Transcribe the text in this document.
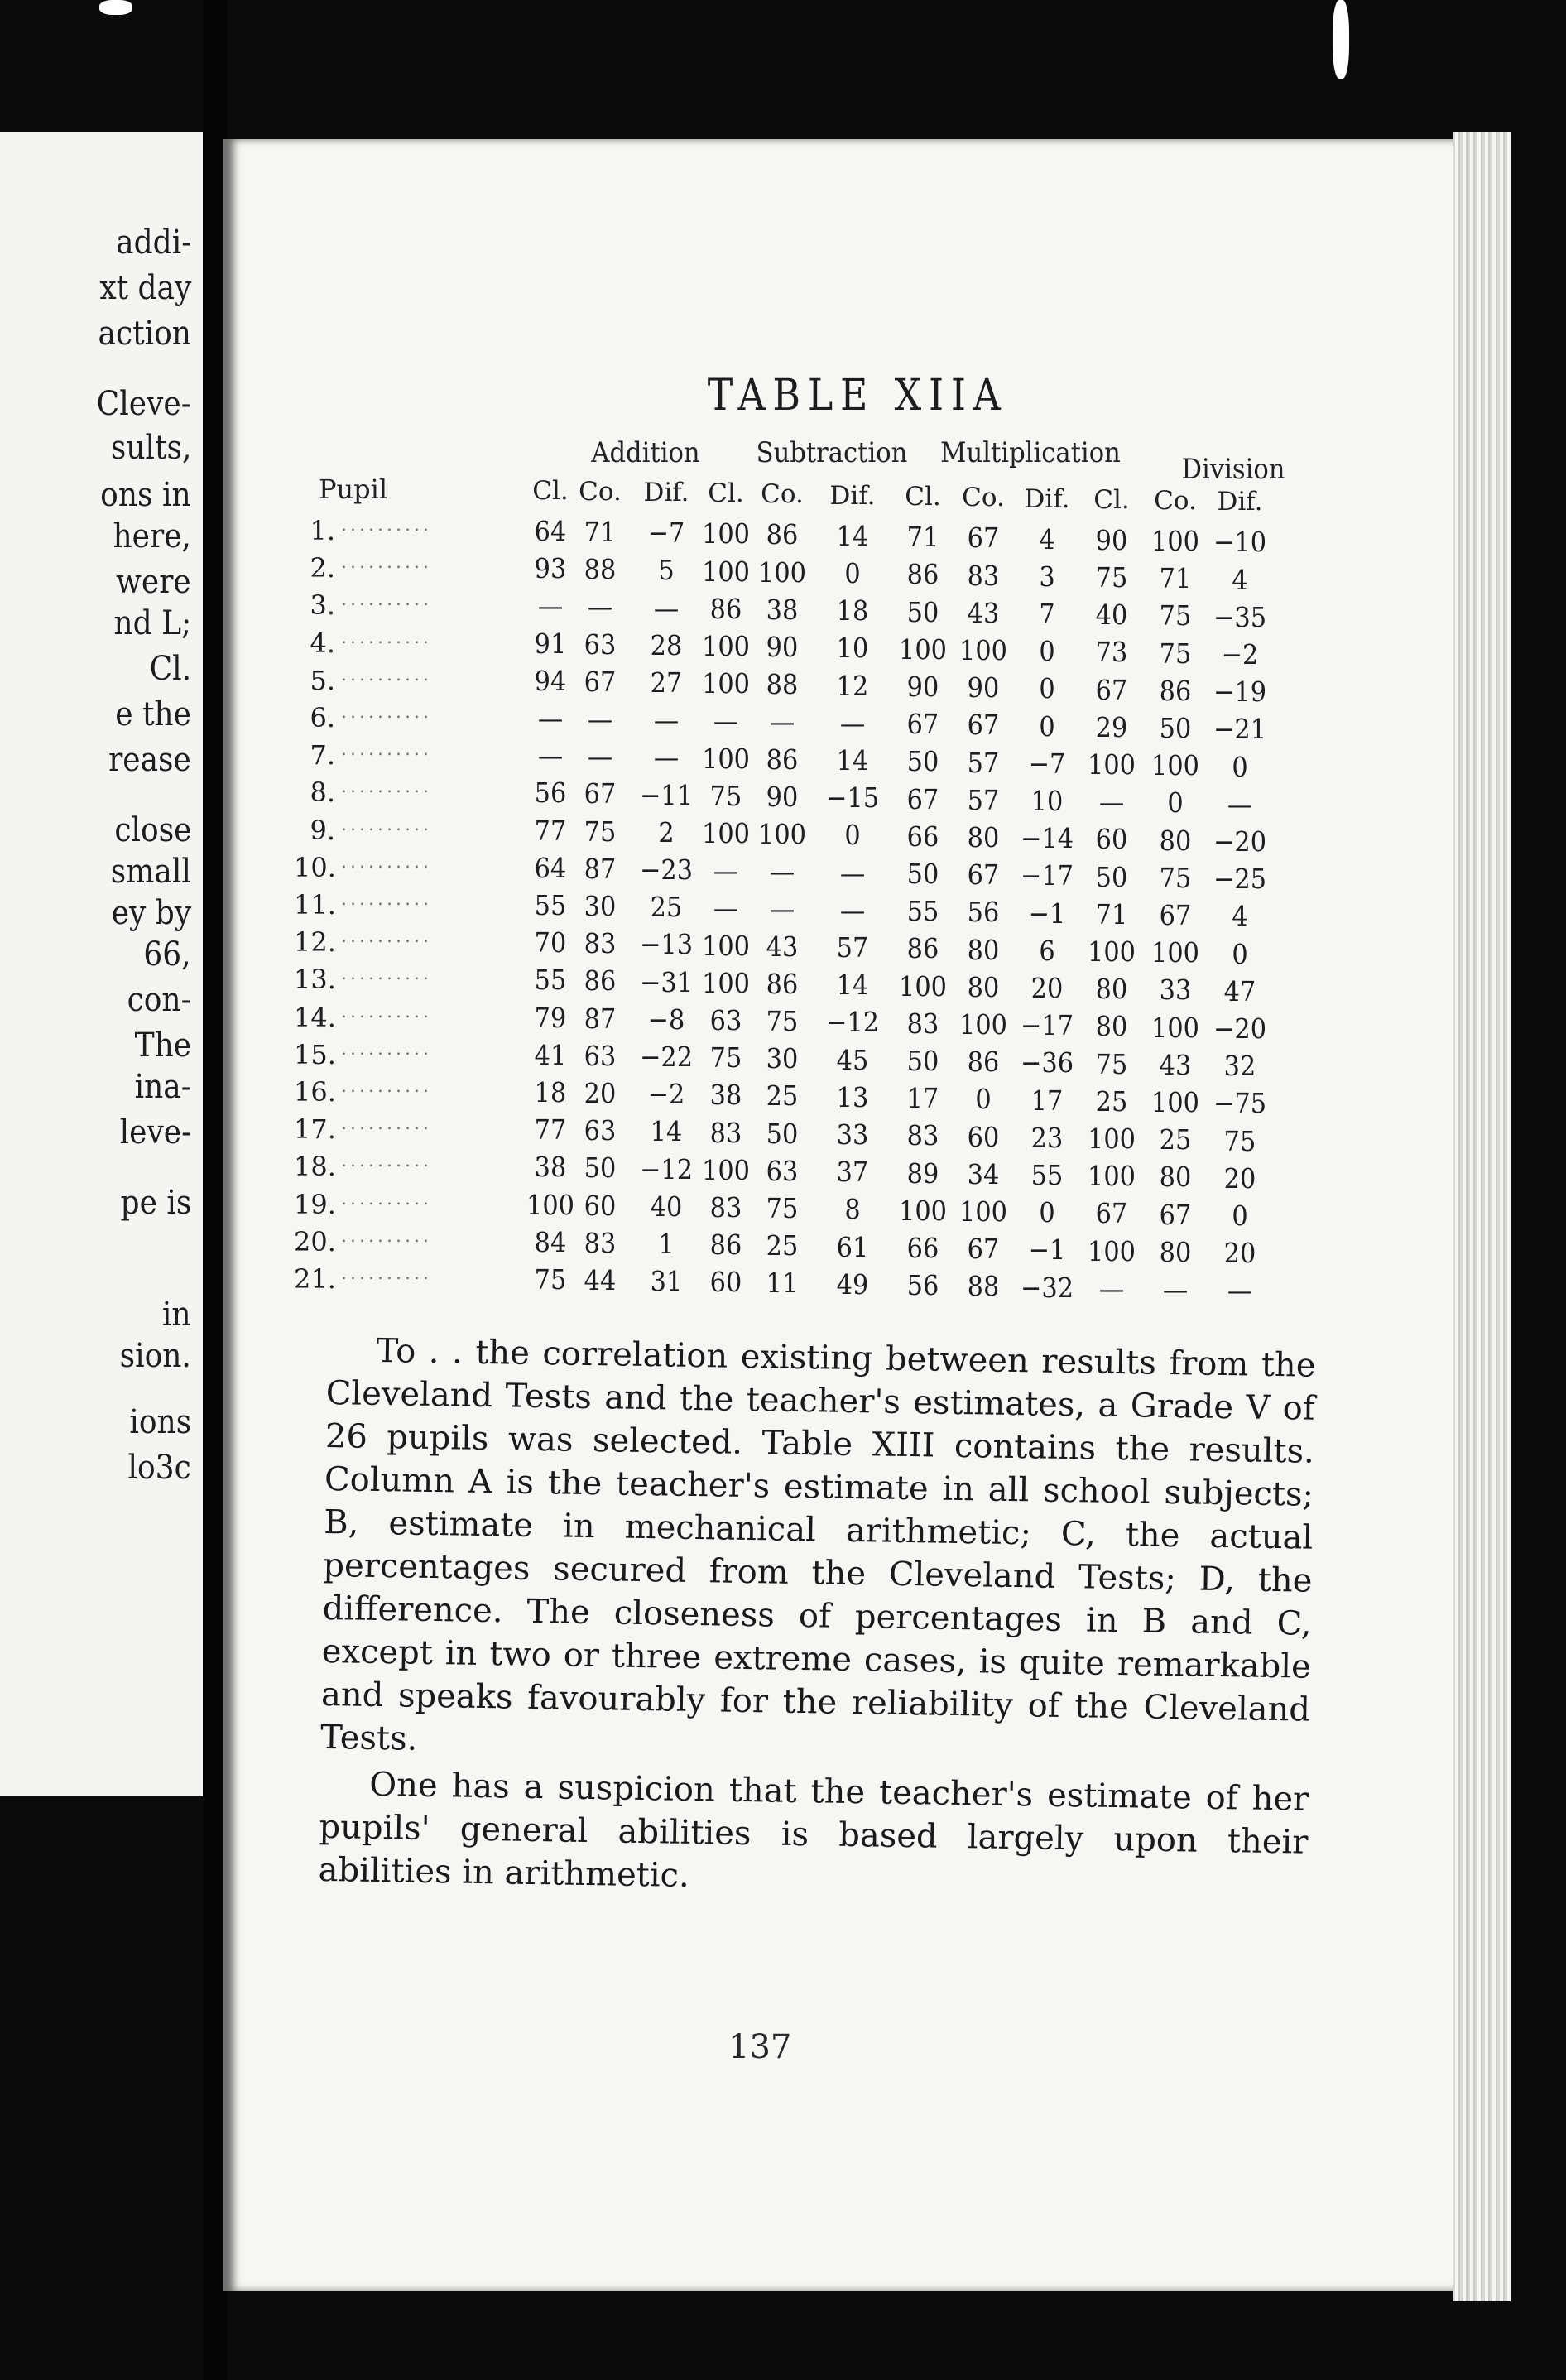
addi-
xt day
action
Cleve-
sults,
ons in
here,
were
nd L;
Cl.
e the
rease
close
small
ey by
66,
con-
The
ina-
leve-
pe is
in
sion.
ions
lo3c
TABLE XIIA
Addition	Subtraction	Multiplication	Division
Pupil	Cl. Co. Dif. Cl. Co.	Dif.	Cl. Co. Dif. Cl. Co. Dif.
1. ..........	64 71	−7 100 86	14	71	67	4	90 100 −10
2. ..........	93 88	5	100 100	0	86	83	3	75	71	4
3. ..........	— —	—	86 38	18	50	43	7	40	75 −35
4. ..........	91 63	28 100 90	10	100 100	0	73	75	−2
5. ..........	94 67	27 100 88	12	90	90	0	67	86 −19
6. ..........	— —	—	—	—	—	67	67	0	29	50 −21
7. ..........	— —	— 100 86	14	50	57	−7 100 100	0
8. ..........	56 67 −11 75 90	−15	67	57	10	—	0	—
9. ..........	77 75	2	100 100	0	66	80 −14 60	80 −20
10. ..........	64 87 −23 —	—	—	50	67 −17 50	75 −25
11. ..........	55 30	25	—	—	—	55	56	−1	71	67	4
12. ..........	70 83 −13 100 43	57	86	80	6	100 100	0
13. ..........	55 86 −31 100 86	14	100 80	20	80	33	47
14. ..........	79 87	−8 63 75	−12	83 100 −17 80 100 −20
15. ..........	41 63 −22 75 30	45	50	86 −36 75	43	32
16. ..........	18 20	−2 38 25	13	17	0	17	25 100 −75
17. ..........	77 63	14	83 50	33	83	60	23 100 25	75
18. ..........	38 50 −12 100 63	37	89	34	55 100 80	20
19. ..........	100 60	40	83 75	8	100 100	0	67	67	0
20. ..........	84 83	1	86 25	61	66	67	−1 100 80	20
21. ..........	75 44	31	60 11	49	56	88 −32 —	—	—

To . . the correlation existing between results from the Cleveland Tests and the teacher's estimates, a Grade V of 26 pupils was selected. Table XIII contains the results. Column A is the teacher's estimate in all school subjects; B, estimate in mechanical arithmetic; C, the actual percentages secured from the Cleveland Tests; D, the difference. The closeness of percentages in B and C, except in two or three extreme cases, is quite remarkable and speaks favourably for the reliability of the Cleveland Tests.

One has a suspicion that the teacher's estimate of her pupils' general abilities is based largely upon their abilities in arithmetic.

137
